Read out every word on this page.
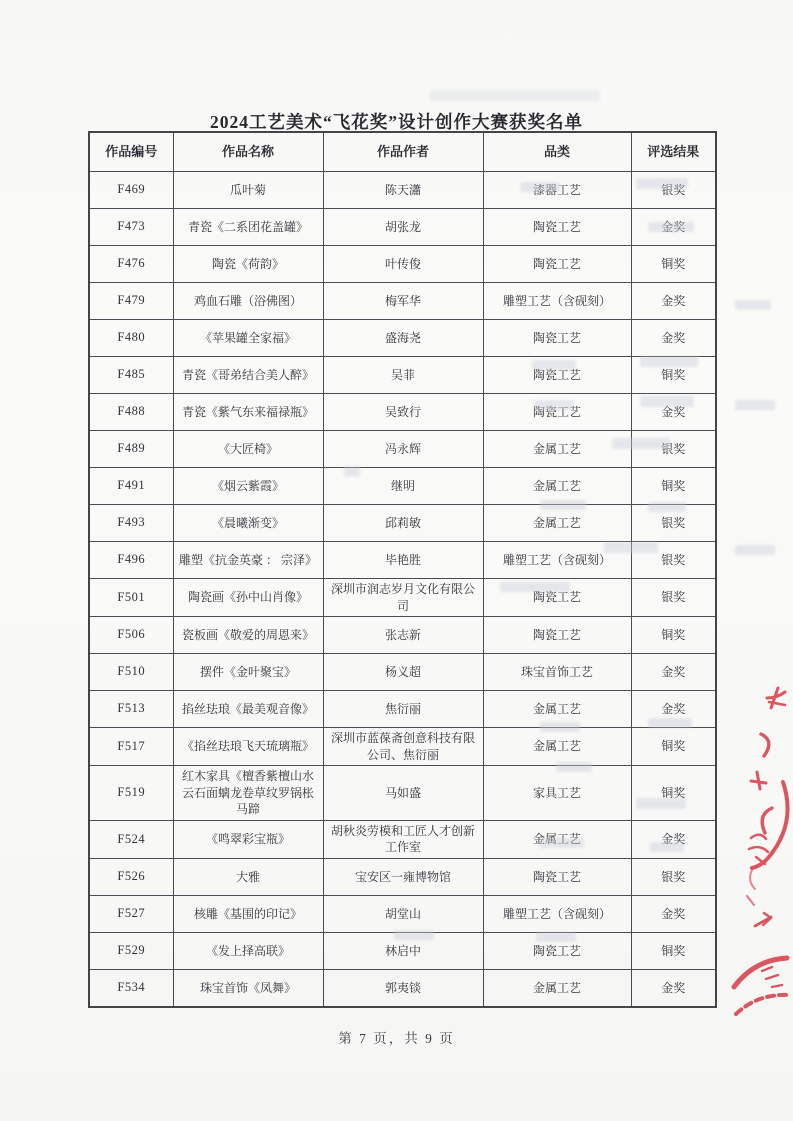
2024工艺美术“飞花奖”设计创作大赛获奖名单
作品编号	作品名称	作品作者	品类	评选结果
F469	瓜叶菊	陈天瀟	漆器工艺	银奖
F473	青瓷《二系团花盖罐》	胡张龙	陶瓷工艺	金奖
F476	陶瓷《荷韵》	叶传俊	陶瓷工艺	铜奖
F479	鸡血石雕（浴佛图）	梅军华	雕塑工艺（含砚刻）	金奖
F480	《苹果罐全家福》	盛海尧	陶瓷工艺	金奖
F485	青瓷《哥弟结合美人醉》	吴菲	陶瓷工艺	铜奖
F488	青瓷《紫气东来福禄瓶》	吴致行	陶瓷工艺	金奖
F489	《大匠椅》	冯永辉	金属工艺	银奖
F491	《烟云紫霞》	继明	金属工艺	铜奖
F493	《晨曦渐变》	邱莉敏	金属工艺	银奖
F496	雕塑《抗金英豪 ： 宗泽》	毕艳胜	雕塑工艺（含砚刻）	银奖
F501	陶瓷画《孙中山肖像》	深圳市润志岁月文化有限公司	陶瓷工艺	银奖
F506	瓷板画《敬爱的周恩来》	张志新	陶瓷工艺	铜奖
F510	摆件《金叶聚宝》	杨义超	珠宝首饰工艺	金奖
F513	掐丝珐琅《最美观音像》	焦衍丽	金属工艺	金奖
F517	《掐丝珐琅飞天琉璃瓶》	深圳市蓝葆斋创意科技有限公司、焦衍丽	金属工艺	铜奖
F519	红木家具《檀香紫檀山水云石面螭龙卷草纹罗锅枨马蹄	马如盛	家具工艺	铜奖
F524	《鸣翠彩宝瓶》	胡秋炎劳模和工匠人才创新工作室	金属工艺	金奖
F526	大雅	宝安区一雍博物馆	陶瓷工艺	银奖
F527	核雕《基围的印记》	胡堂山	雕塑工艺（含砚刻）	金奖
F529	《发上择高联》	林启中	陶瓷工艺	铜奖
F534	珠宝首饰《凤舞》	郭夷锬	金属工艺	金奖
第 7 页，共 9 页
